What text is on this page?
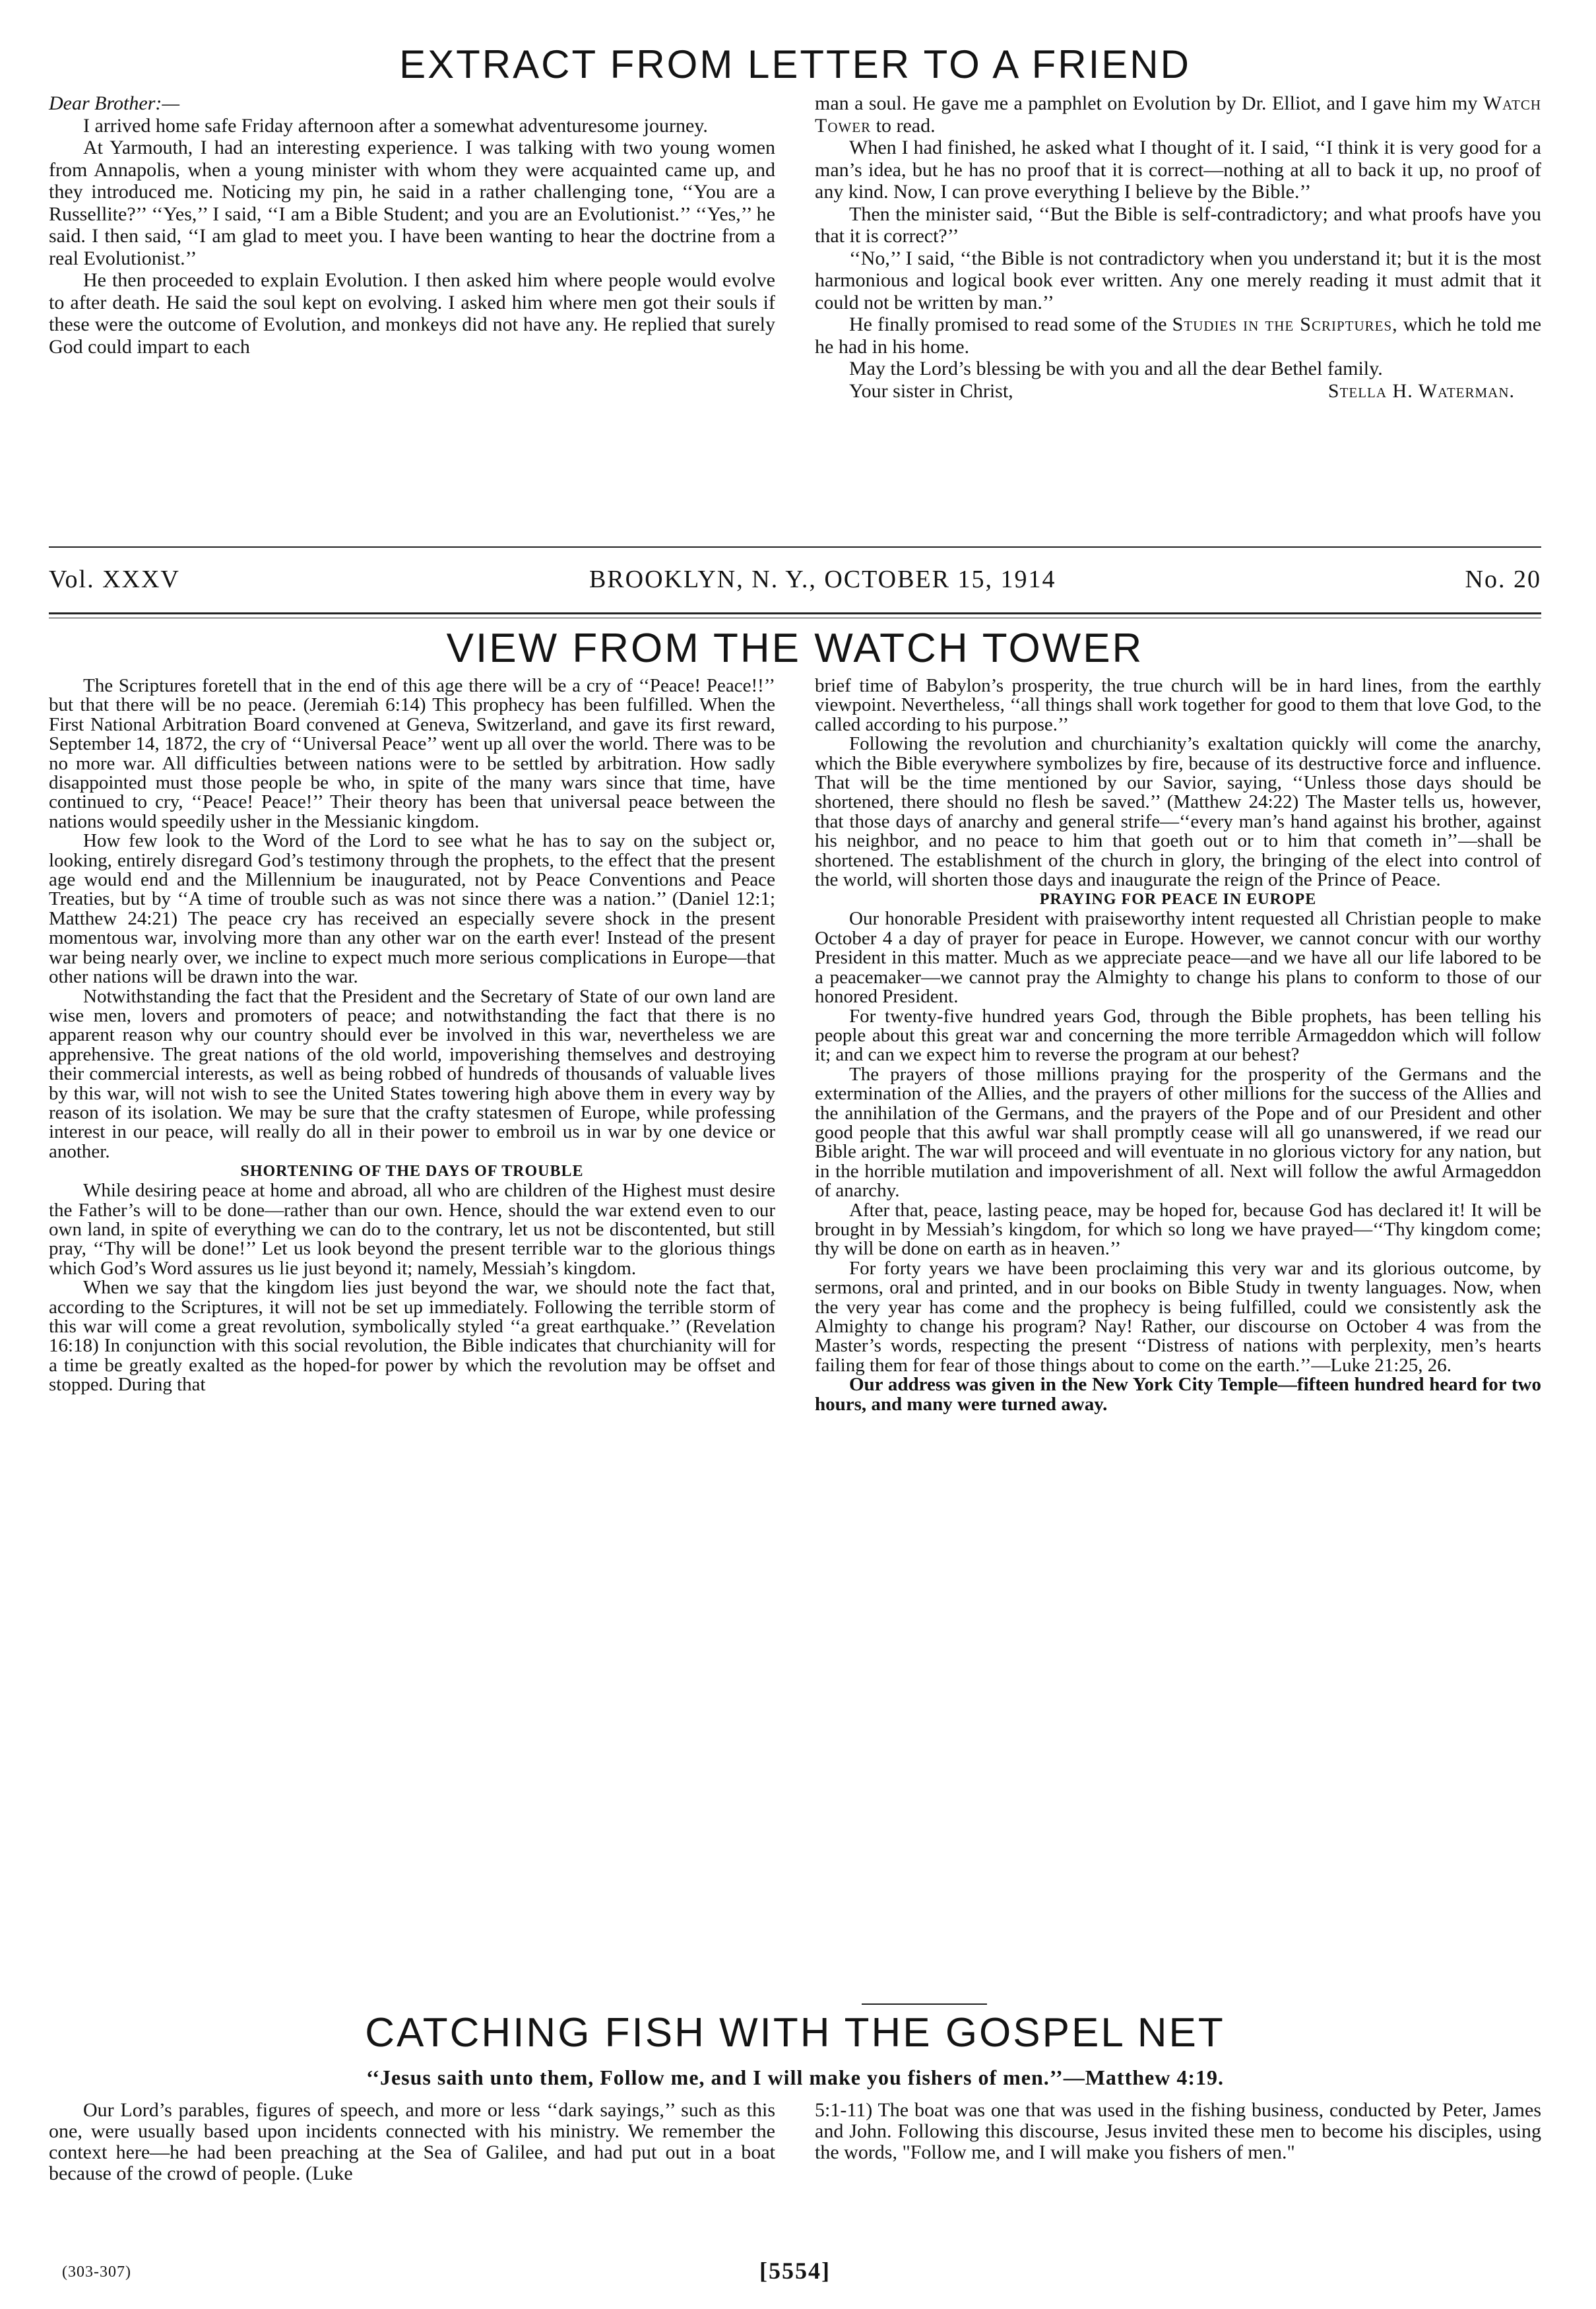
EXTRACT FROM LETTER TO A FRIEND

Dear Brother:—

I arrived home safe Friday afternoon after a somewhat adventuresome journey.

At Yarmouth, I had an interesting experience. I was talking with two young women from Annapolis, when a young minister with whom they were acquainted came up, and they introduced me. Noticing my pin, he said in a rather challenging tone, ‘‘You are a Russellite?’’ ‘‘Yes,’’ I said, ‘‘I am a Bible Student; and you are an Evolutionist.’’ ‘‘Yes,’’ he said. I then said, ‘‘I am glad to meet you. I have been wanting to hear the doctrine from a real Evolutionist.’’

He then proceeded to explain Evolution. I then asked him where people would evolve to after death. He said the soul kept on evolving. I asked him where men got their souls if these were the outcome of Evolution, and monkeys did not have any. He replied that surely God could impart to each

man a soul. He gave me a pamphlet on Evolution by Dr. Elliot, and I gave him my Watch Tower to read.

When I had finished, he asked what I thought of it. I said, ‘‘I think it is very good for a man’s idea, but he has no proof that it is correct—nothing at all to back it up, no proof of any kind. Now, I can prove everything I believe by the Bible.’’

Then the minister said, ‘‘But the Bible is self-contradictory; and what proofs have you that it is correct?’’

‘‘No,’’ I said, ‘‘the Bible is not contradictory when you understand it; but it is the most harmonious and logical book ever written. Any one merely reading it must admit that it could not be written by man.’’

He finally promised to read some of the Studies in the Scriptures, which he told me he had in his home.

May the Lord’s blessing be with you and all the dear Bethel family.

Your sister in Christ,	Stella H. Waterman.
Vol. XXXV	BROOKLYN, N. Y., OCTOBER 15, 1914	No. 20
VIEW FROM THE WATCH TOWER

The Scriptures foretell that in the end of this age there will be a cry of ‘‘Peace! Peace!!’’ but that there will be no peace. (Jeremiah 6:14) This prophecy has been fulfilled. When the First National Arbitration Board convened at Geneva, Switzerland, and gave its first reward, September 14, 1872, the cry of ‘‘Universal Peace’’ went up all over the world. There was to be no more war. All difficulties between nations were to be settled by arbitration. How sadly disappointed must those people be who, in spite of the many wars since that time, have continued to cry, ‘‘Peace! Peace!’’ Their theory has been that universal peace between the nations would speedily usher in the Messianic kingdom.

How few look to the Word of the Lord to see what he has to say on the subject or, looking, entirely disregard God’s testimony through the prophets, to the effect that the present age would end and the Millennium be inaugurated, not by Peace Conventions and Peace Treaties, but by ‘‘A time of trouble such as was not since there was a nation.’’ (Daniel 12:1; Matthew 24:21) The peace cry has received an especially severe shock in the present momentous war, involving more than any other war on the earth ever! Instead of the present war being nearly over, we incline to expect much more serious complications in Europe—that other nations will be drawn into the war.

Notwithstanding the fact that the President and the Secretary of State of our own land are wise men, lovers and promoters of peace; and notwithstanding the fact that there is no apparent reason why our country should ever be involved in this war, nevertheless we are apprehensive. The great nations of the old world, impoverishing themselves and destroying their commercial interests, as well as being robbed of hundreds of thousands of valuable lives by this war, will not wish to see the United States towering high above them in every way by reason of its isolation. We may be sure that the crafty statesmen of Europe, while professing interest in our peace, will really do all in their power to embroil us in war by one device or another.

SHORTENING OF THE DAYS OF TROUBLE

While desiring peace at home and abroad, all who are children of the Highest must desire the Father’s will to be done—rather than our own. Hence, should the war extend even to our own land, in spite of everything we can do to the contrary, let us not be discontented, but still pray, ‘‘Thy will be done!’’ Let us look beyond the present terrible war to the glorious things which God’s Word assures us lie just beyond it; namely, Messiah’s kingdom.

When we say that the kingdom lies just beyond the war, we should note the fact that, according to the Scriptures, it will not be set up immediately. Following the terrible storm of this war will come a great revolution, symbolically styled ‘‘a great earthquake.’’ (Revelation 16:18) In conjunction with this social revolution, the Bible indicates that churchianity will for a time be greatly exalted as the hoped-for power by which the revolution may be offset and stopped. During that

brief time of Babylon’s prosperity, the true church will be in hard lines, from the earthly viewpoint. Nevertheless, ‘‘all things shall work together for good to them that love God, to the called according to his purpose.’’

Following the revolution and churchianity’s exaltation quickly will come the anarchy, which the Bible everywhere symbolizes by fire, because of its destructive force and influence. That will be the time mentioned by our Savior, saying, ‘‘Unless those days should be shortened, there should no flesh be saved.’’ (Matthew 24:22) The Master tells us, however, that those days of anarchy and general strife—‘‘every man’s hand against his brother, against his neighbor, and no peace to him that goeth out or to him that cometh in’’—shall be shortened. The establishment of the church in glory, the bringing of the elect into control of the world, will shorten those days and inaugurate the reign of the Prince of Peace.

PRAYING FOR PEACE IN EUROPE

Our honorable President with praiseworthy intent requested all Christian people to make October 4 a day of prayer for peace in Europe. However, we cannot concur with our worthy President in this matter. Much as we appreciate peace—and we have all our life labored to be a peacemaker—we cannot pray the Almighty to change his plans to conform to those of our honored President.

For twenty-five hundred years God, through the Bible prophets, has been telling his people about this great war and concerning the more terrible Armageddon which will follow it; and can we expect him to reverse the program at our behest?

The prayers of those millions praying for the prosperity of the Germans and the extermination of the Allies, and the prayers of other millions for the success of the Allies and the annihilation of the Germans, and the prayers of the Pope and of our President and other good people that this awful war shall promptly cease will all go unanswered, if we read our Bible aright. The war will proceed and will eventuate in no glorious victory for any nation, but in the horrible mutilation and impoverishment of all. Next will follow the awful Armageddon of anarchy.

After that, peace, lasting peace, may be hoped for, because God has declared it! It will be brought in by Messiah’s kingdom, for which so long we have prayed—‘‘Thy kingdom come; thy will be done on earth as in heaven.’’

For forty years we have been proclaiming this very war and its glorious outcome, by sermons, oral and printed, and in our books on Bible Study in twenty languages. Now, when the very year has come and the prophecy is being fulfilled, could we consistently ask the Almighty to change his program? Nay! Rather, our discourse on October 4 was from the Master’s words, respecting the present ‘‘Distress of nations with perplexity, men’s hearts failing them for fear of those things about to come on the earth.’’—Luke 21:25, 26.

Our address was given in the New York City Temple—fifteen hundred heard for two hours, and many were turned away.

CATCHING FISH WITH THE GOSPEL NET
‘‘Jesus saith unto them, Follow me, and I will make you fishers of men.’’—Matthew 4:19.

Our Lord’s parables, figures of speech, and more or less ‘‘dark sayings,’’ such as this one, were usually based upon incidents connected with his ministry. We remember the context here—he had been preaching at the Sea of Galilee, and had put out in a boat because of the crowd of people. (Luke

5:1-11) The boat was one that was used in the fishing business, conducted by Peter, James and John. Following this discourse, Jesus invited these men to become his disciples, using the words, "Follow me, and I will make you fishers of men."

(303-307)	[5554]
